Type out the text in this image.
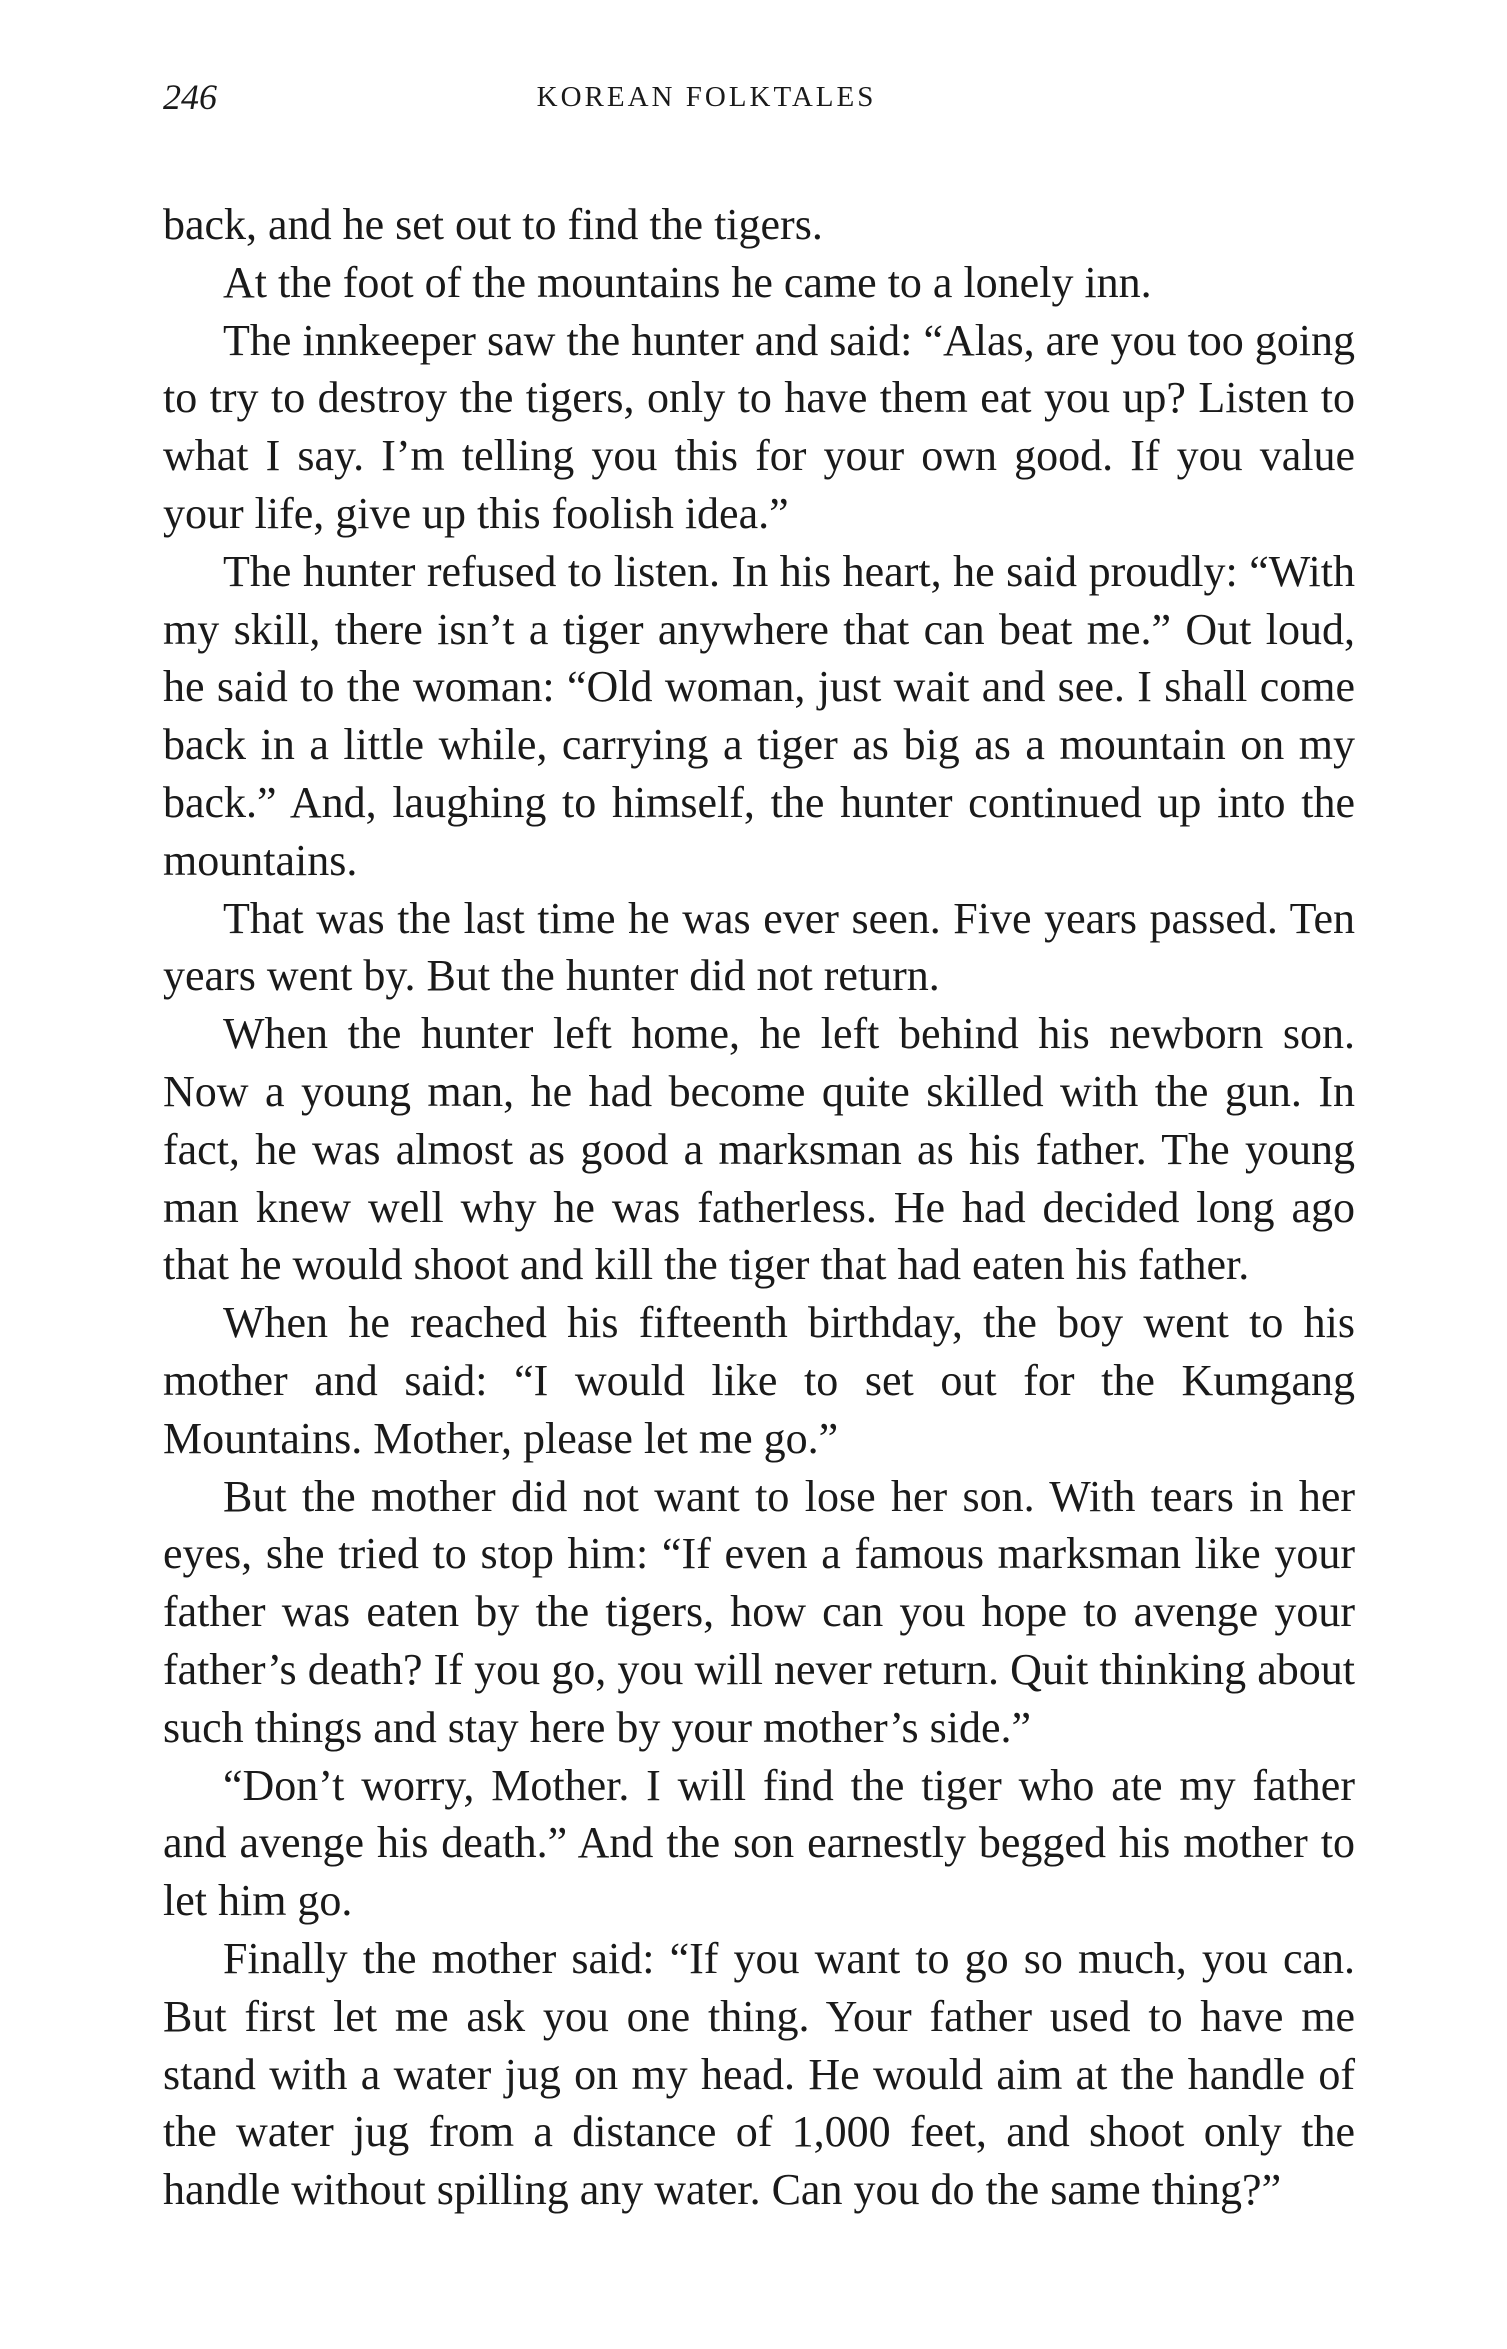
246	KOREAN FOLKTALES

back, and he set out to find the tigers.

At the foot of the mountains he came to a lonely inn.

The innkeeper saw the hunter and said: “Alas, are you too going to try to destroy the tigers, only to have them eat you up? Listen to what I say. I’m telling you this for your own good. If you value your life, give up this foolish idea.”

The hunter refused to listen. In his heart, he said proudly: “With my skill, there isn’t a tiger anywhere that can beat me.” Out loud, he said to the woman: “Old woman, just wait and see. I shall come back in a little while, carrying a tiger as big as a mountain on my back.” And, laughing to himself, the hunter continued up into the mountains.

That was the last time he was ever seen. Five years passed. Ten years went by. But the hunter did not return.

When the hunter left home, he left behind his newborn son. Now a young man, he had become quite skilled with the gun. In fact, he was almost as good a marksman as his father. The young man knew well why he was fatherless. He had decided long ago that he would shoot and kill the tiger that had eaten his father.

When he reached his fifteenth birthday, the boy went to his mother and said: “I would like to set out for the Kumgang Mountains. Mother, please let me go.”

But the mother did not want to lose her son. With tears in her eyes, she tried to stop him: “If even a famous marksman like your father was eaten by the tigers, how can you hope to avenge your father’s death? If you go, you will never return. Quit thinking about such things and stay here by your mother’s side.”

“Don’t worry, Mother. I will find the tiger who ate my father and avenge his death.” And the son earnestly begged his mother to let him go.

Finally the mother said: “If you want to go so much, you can. But first let me ask you one thing. Your father used to have me stand with a water jug on my head. He would aim at the handle of the water jug from a distance of 1,000 feet, and shoot only the handle without spilling any water. Can you do the same thing?”
